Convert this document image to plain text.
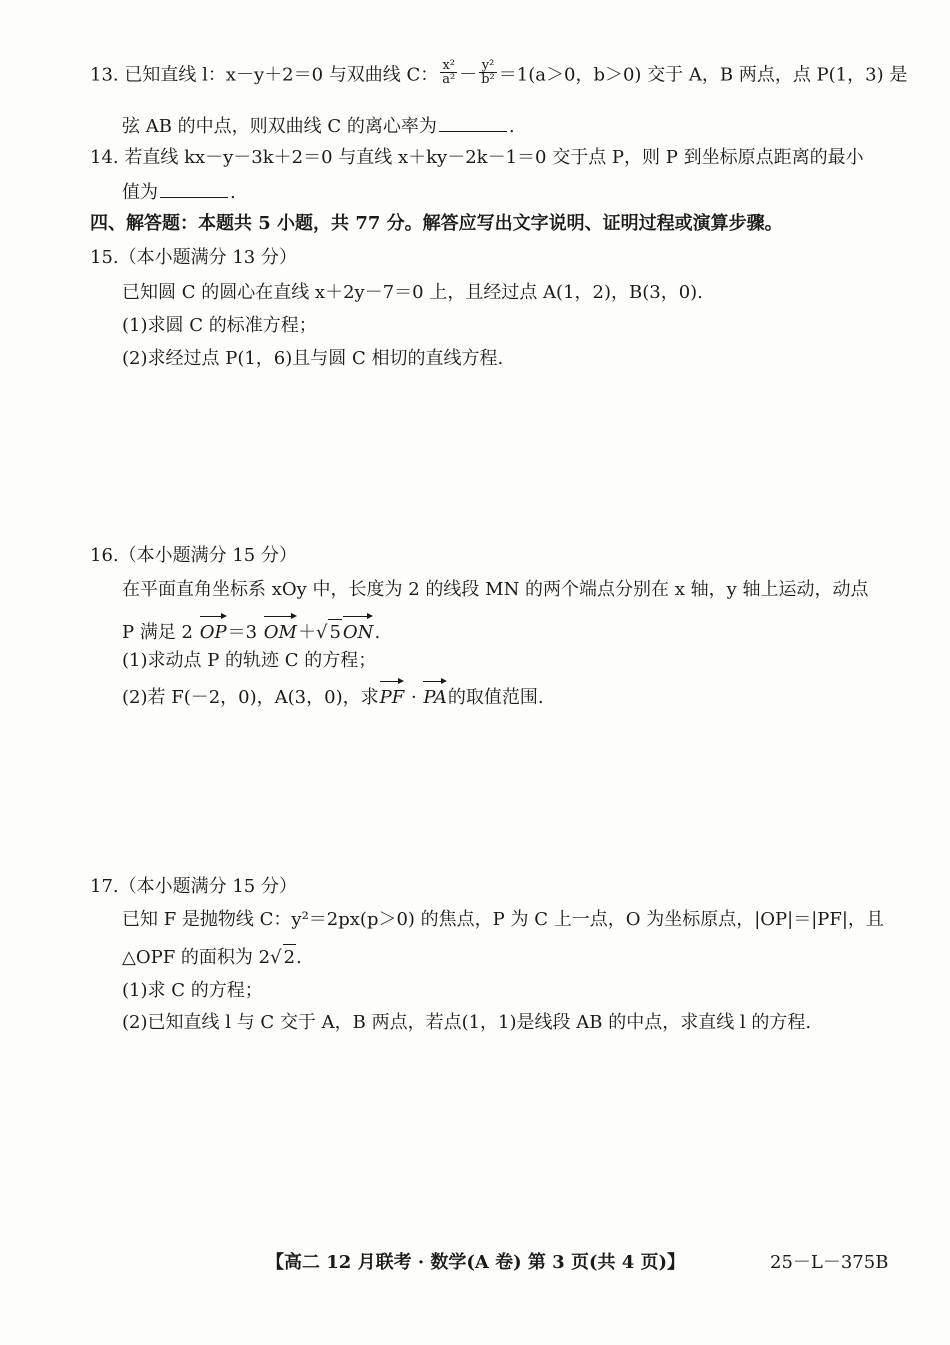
13. 已知直线 l：x－y＋2＝0 与双曲线 C： $\frac{\text{x²}}{\text{a²}} - \frac{\text{y²}}{\text{b²}} =1(a>0$，b＞0) 交于 A，B 两点，点 P(1，3) 是
弦 AB 的中点，则双曲线 C 的离心率为	.
14. 若直线 kx－y－3k＋2＝0 与直线 x＋ky－2k－1＝0 交于点 P，则 P 到坐标原点距离的最小
值为	.
四、解答题：本题共 5 小题，共 77 分。解答应写出文字说明、证明过程或演算步骤。
15.（本小题满分 13 分）
已知圆 C 的圆心在直线 x＋2y－7＝0 上，且经过点 A(1，2)，B(3，0).
(1)求圆 C 的标准方程；
(2)求经过点 P(1，6)且与圆 C 相切的直线方程.
16.（本小题满分 15 分）
在平面直角坐标系 xOy 中，长度为 2 的线段 MN 的两个端点分别在 x 轴，y 轴上运动，动点
P 满足 2 OP＝3 OM＋√ 5 ON.
(1)求动点 P 的轨迹 C 的方程；
(2)若 F(－2，0)，A(3，0)，求PF · PA的取值范围.
17.（本小题满分 15 分）
已知 F 是抛物线 C：y²＝2px(p＞0) 的焦点，P 为 C 上一点，O 为坐标原点，|OP|＝|PF|，且
△OPF 的面积为 2√ 2.
(1)求 C 的方程；
(2)已知直线 l 与 C 交于 A，B 两点，若点(1，1)是线段 AB 的中点，求直线 l 的方程.
【高二 12 月联考 · 数学(A 卷) 第 3 页(共 4 页)】	25－L－375B
